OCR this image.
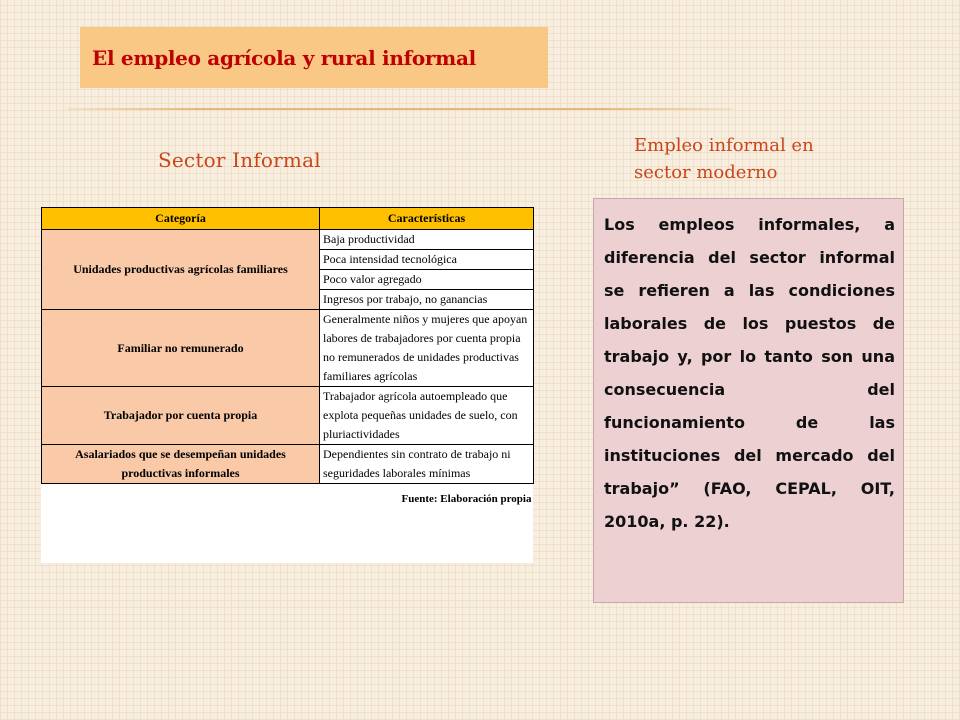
El empleo agrícola y rural informal
Sector Informal
Empleo informal en sector moderno
Categoría	Características
Unidades productivas agrícolas familiares	Baja productividad
	Poca intensidad tecnológica
	Poco valor agregado
	Ingresos por trabajo, no ganancias
Familiar no remunerado	Generalmente niños y mujeres que apoyan labores de trabajadores por cuenta propia no remunerados de unidades productivas familiares agrícolas
Trabajador por cuenta propia	Trabajador agrícola autoempleado que explota pequeñas unidades de suelo, con pluriactividades
Asalariados que se desempeñan unidades productivas informales	Dependientes sin contrato de trabajo ni seguridades laborales mínimas
Fuente: Elaboración propia	

Los empleos informales, a diferencia del sector informal se refieren a las condiciones laborales de los puestos de trabajo y, por lo tanto son una consecuencia del funcionamiento de las instituciones del mercado del trabajo” (FAO, CEPAL, OIT, 2010a, p. 22).
